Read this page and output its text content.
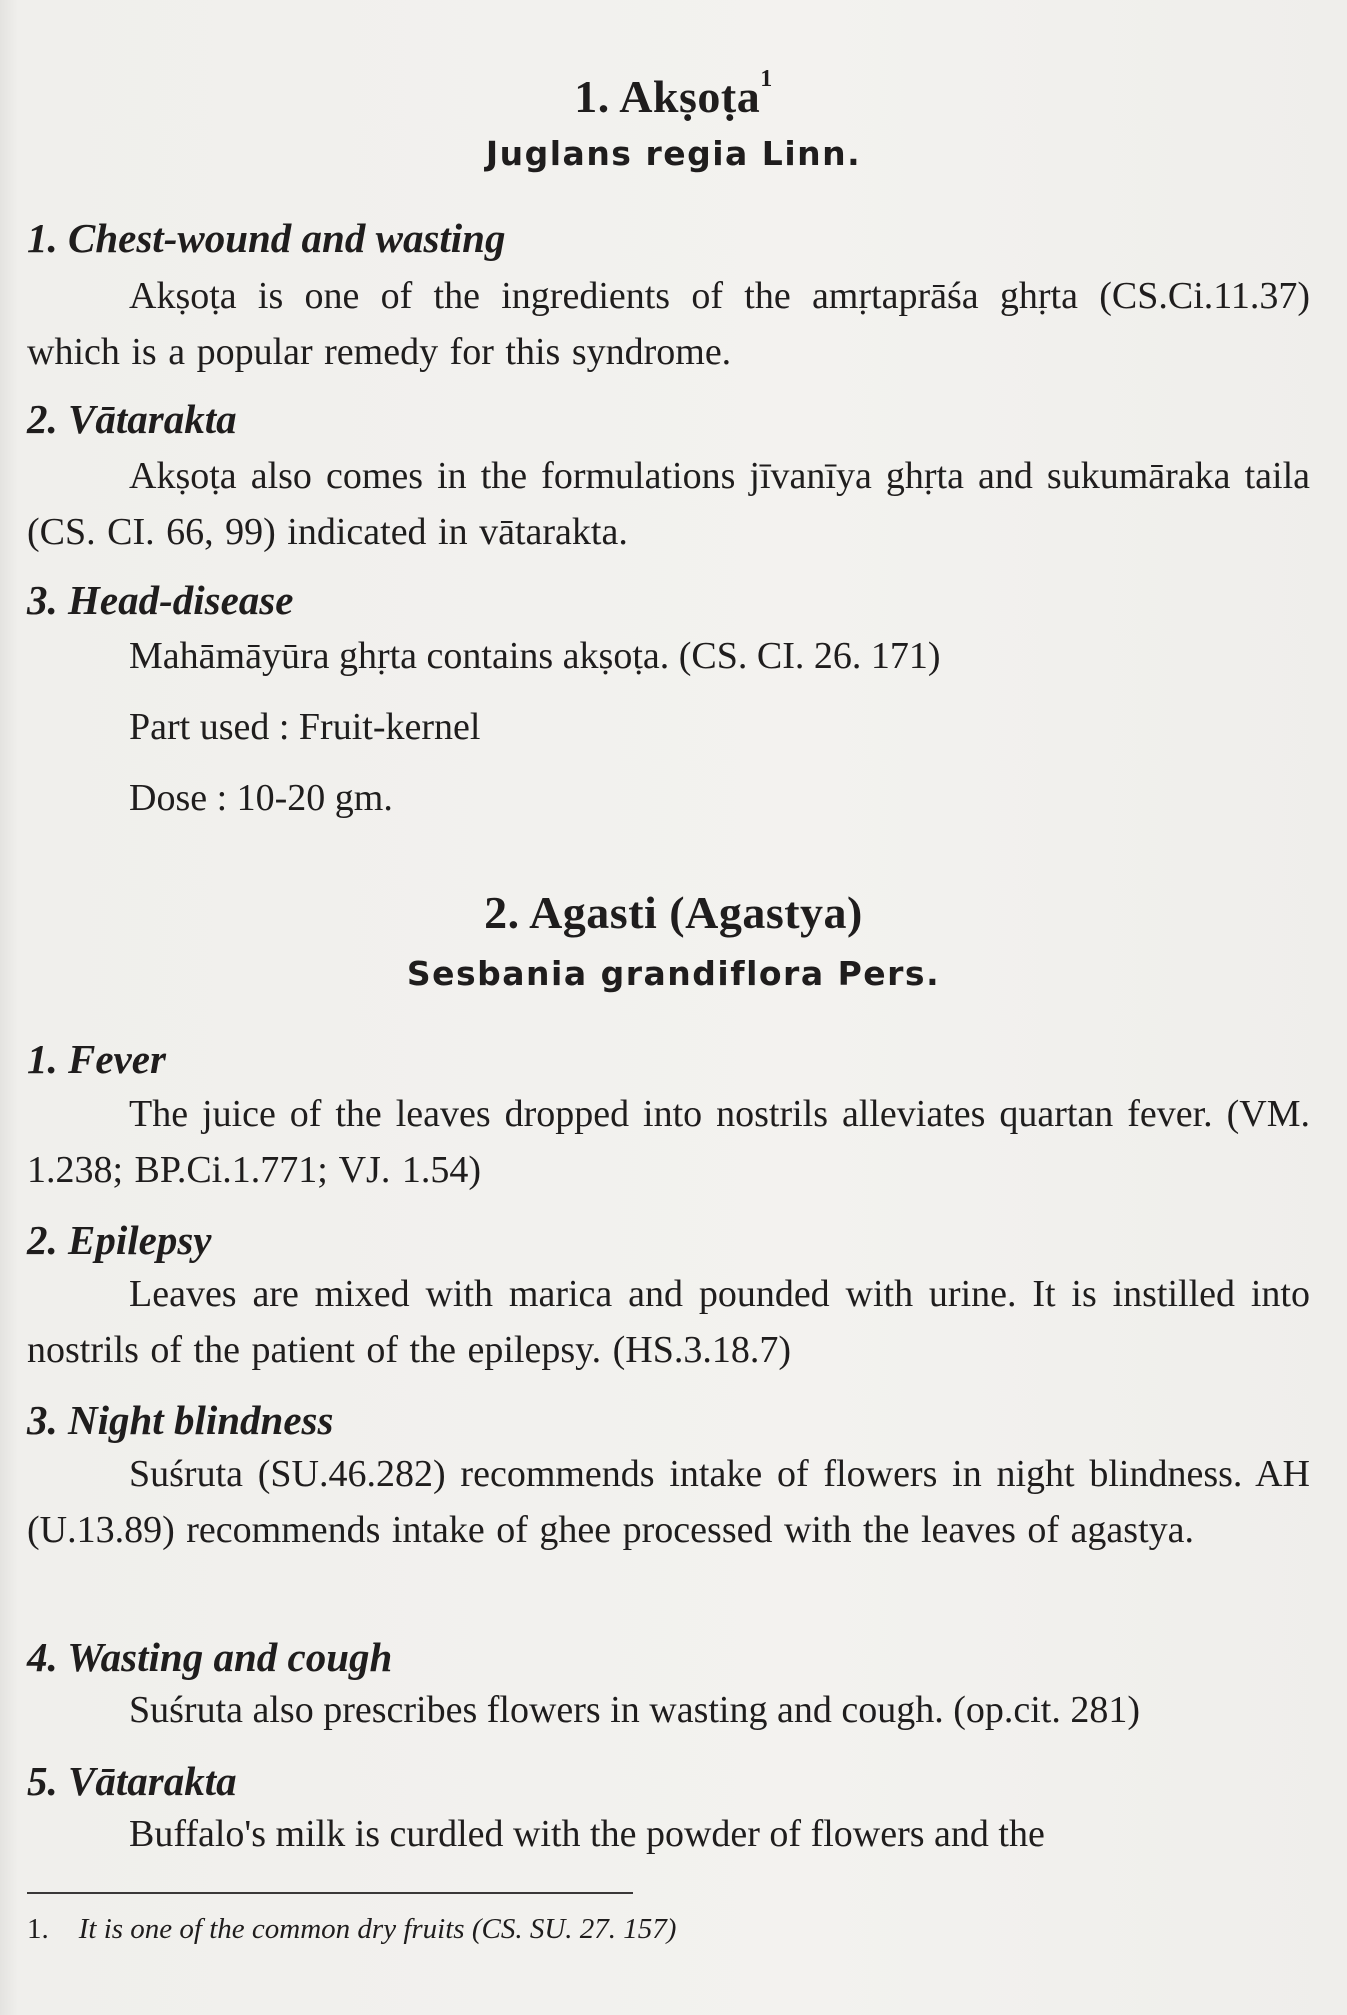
1. Akṣoṭa$^1$
Juglans regia Linn.
1. Chest-wound and wasting
Akṣoṭa is one of the ingredients of the amṛtaprāśa ghṛta (CS.Ci.11.37) which is a popular remedy for this syndrome.
2. Vātarakta
Akṣoṭa also comes in the formulations jīvanīya ghṛta and sukumāraka taila (CS. CI. 66, 99) indicated in vātarakta.
3. Head-disease
Mahāmāyūra ghṛta contains akṣoṭa. (CS. CI. 26. 171)
Part used : Fruit-kernel
Dose : 10-20 gm.
2. Agasti (Agastya)
Sesbania grandiflora Pers.
1. Fever
The juice of the leaves dropped into nostrils alleviates quartan fever. (VM. 1.238; BP.Ci.1.771; VJ. 1.54)
2. Epilepsy
Leaves are mixed with marica and pounded with urine. It is instilled into nostrils of the patient of the epilepsy. (HS.3.18.7)
3. Night blindness
Suśruta (SU.46.282) recommends intake of flowers in night blindness. AH (U.13.89) recommends intake of ghee processed with the leaves of agastya.
4. Wasting and cough
Suśruta also prescribes flowers in wasting and cough. (op.cit. 281)
5. Vātarakta
Buffalo's milk is curdled with the powder of flowers and the
1. It is one of the common dry fruits (CS. SU. 27. 157)
